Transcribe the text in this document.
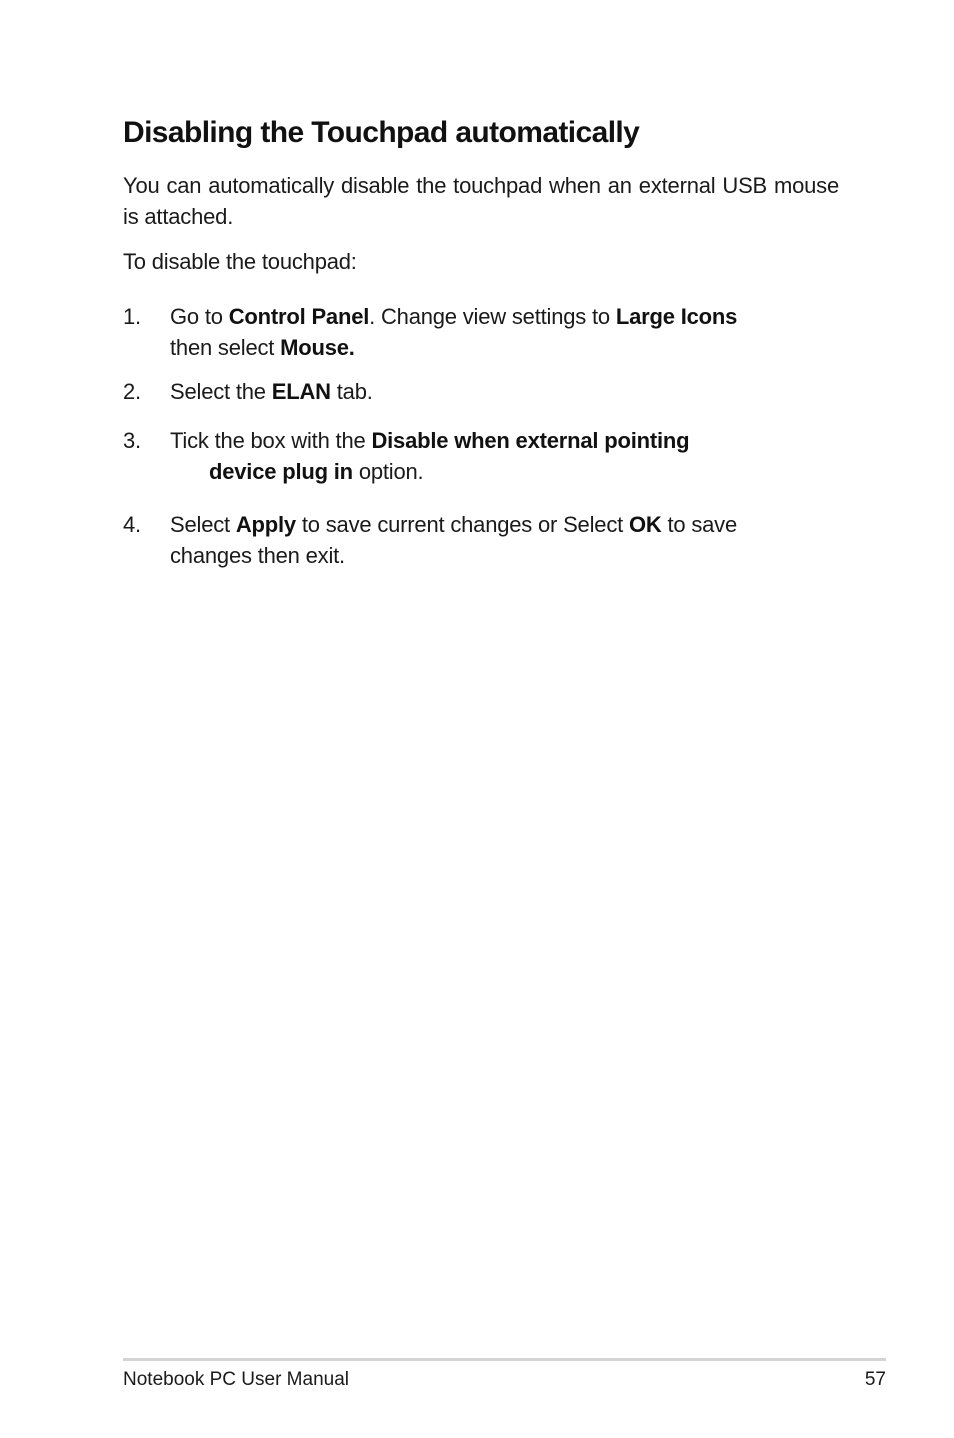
Disabling the Touchpad automatically

You can automatically disable the touchpad when an external USB mouse is attached.

To disable the touchpad:

1. Go to Control Panel. Change view settings to Large Icons
then select Mouse.
2. Select the ELAN tab.
3. Tick the box with the Disable when external pointing
device plug in option.
4. Select Apply to save current changes or Select OK to save changes then exit.
Notebook PC User Manual	57
